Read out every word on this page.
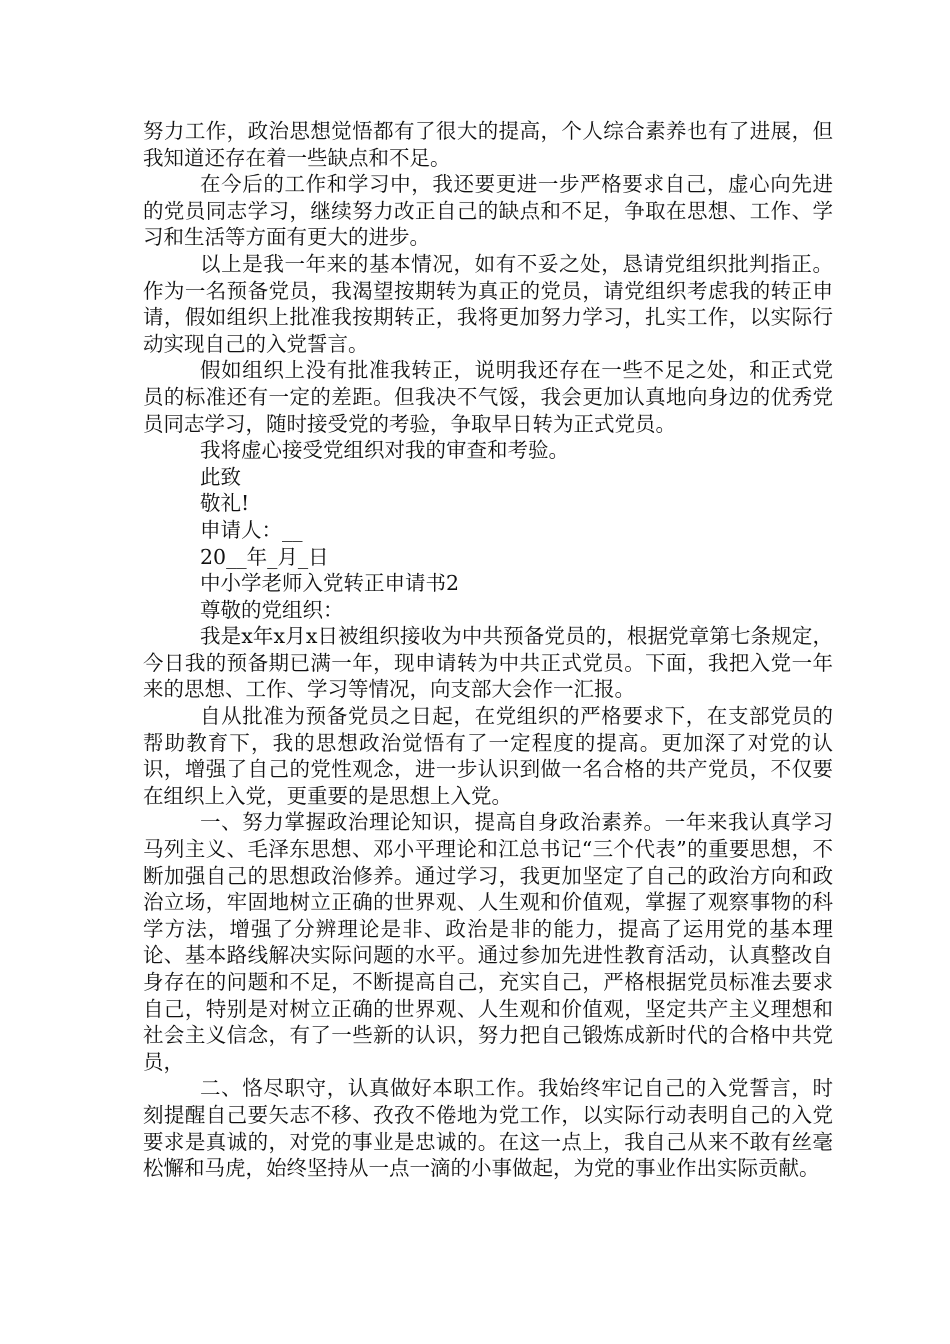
努力工作，政治思想觉悟都有了很大的提高，个人综合素养也有了进展，但我知道还存在着一些缺点和不足。

在今后的工作和学习中，我还要更进一步严格要求自己，虚心向先进的党员同志学习，继续努力改正自己的缺点和不足，争取在思想、工作、学习和生活等方面有更大的进步。

以上是我一年来的基本情况，如有不妥之处，恳请党组织批判指正。作为一名预备党员，我渴望按期转为真正的党员，请党组织考虑我的转正申请，假如组织上批准我按期转正，我将更加努力学习，扎实工作，以实际行动实现自己的入党誓言。

假如组织上没有批准我转正，说明我还存在一些不足之处，和正式党员的标准还有一定的差距。但我决不气馁，我会更加认真地向身边的优秀党员同志学习，随时接受党的考验，争取早日转为正式党员。

我将虚心接受党组织对我的审查和考验。

此致

敬礼!

申请人：__

20__年_月_日

中小学老师入党转正申请书2

尊敬的党组织：

我是x年x月x日被组织接收为中共预备党员的，根据党章第七条规定，今日我的预备期已满一年，现申请转为中共正式党员。下面，我把入党一年来的思想、工作、学习等情况，向支部大会作一汇报。

自从批准为预备党员之日起，在党组织的严格要求下，在支部党员的帮助教育下，我的思想政治觉悟有了一定程度的提高。更加深了对党的认识，增强了自己的党性观念，进一步认识到做一名合格的共产党员，不仅要在组织上入党，更重要的是思想上入党。

一、努力掌握政治理论知识，提高自身政治素养。一年来我认真学习马列主义、毛泽东思想、邓小平理论和江总书记“三个代表”的重要思想，不断加强自己的思想政治修养。通过学习，我更加坚定了自己的政治方向和政治立场，牢固地树立正确的世界观、人生观和价值观，掌握了观察事物的科学方法，增强了分辨理论是非、政治是非的能力，提高了运用党的基本理论、基本路线解决实际问题的水平。通过参加先进性教育活动，认真整改自身存在的问题和不足，不断提高自己，充实自己，严格根据党员标准去要求自己，特别是对树立正确的世界观、人生观和价值观，坚定共产主义理想和社会主义信念，有了一些新的认识，努力把自己锻炼成新时代的合格中共党员，

二、恪尽职守，认真做好本职工作。我始终牢记自己的入党誓言，时刻提醒自己要矢志不移、孜孜不倦地为党工作，以实际行动表明自己的入党要求是真诚的，对党的事业是忠诚的。在这一点上，我自己从来不敢有丝毫松懈和马虎，始终坚持从一点一滴的小事做起，为党的事业作出实际贡献。
